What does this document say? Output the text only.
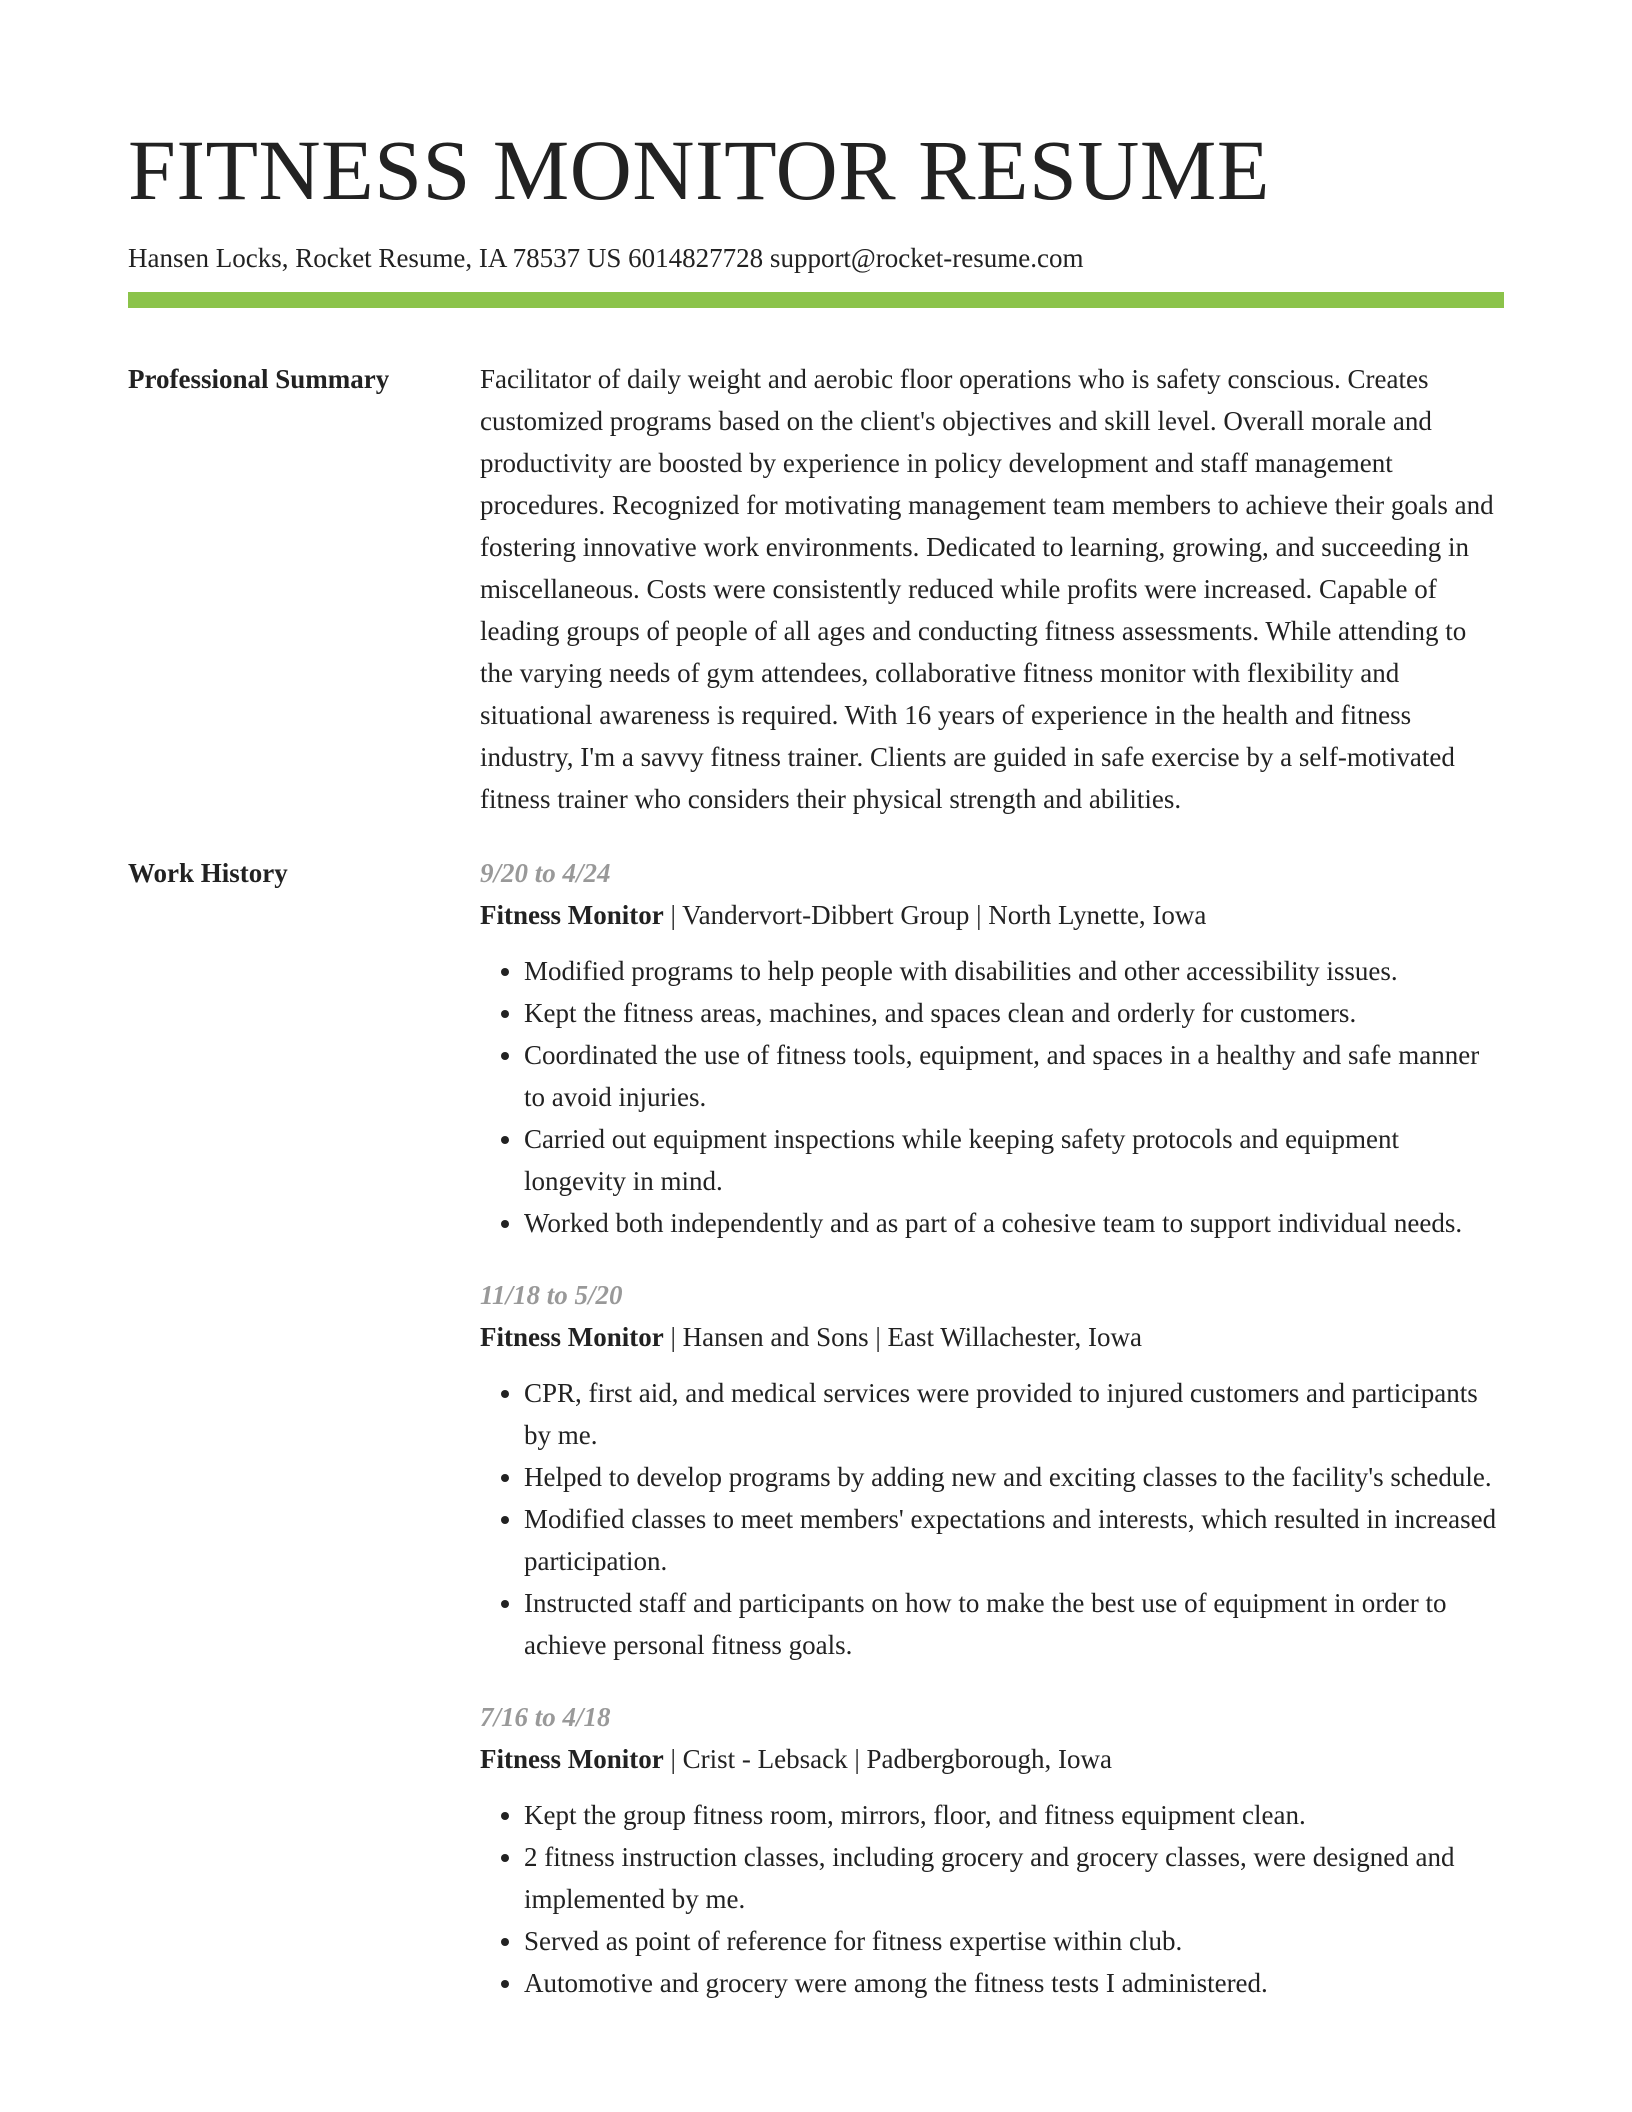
FITNESS MONITOR RESUME
Hansen Locks, Rocket Resume, IA 78537 US 6014827728 support@rocket-resume.com
Professional Summary	Facilitator of daily weight and aerobic floor operations who is safety conscious. Creates customized programs based on the client's objectives and skill level. Overall morale and productivity are boosted by experience in policy development and staff management procedures. Recognized for motivating management team members to achieve their goals and fostering innovative work environments. Dedicated to learning, growing, and succeeding in miscellaneous. Costs were consistently reduced while profits were increased. Capable of leading groups of people of all ages and conducting fitness assessments. While attending to the varying needs of gym attendees, collaborative fitness monitor with flexibility and situational awareness is required. With 16 years of experience in the health and fitness industry, I'm a savvy fitness trainer. Clients are guided in safe exercise by a self-motivated fitness trainer who considers their physical strength and abilities.

Work History	9/20 to 4/24
Fitness Monitor | Vandervort-Dibbert Group | North Lynette, Iowa
• Modified programs to help people with disabilities and other accessibility issues.
• Kept the fitness areas, machines, and spaces clean and orderly for customers.
• Coordinated the use of fitness tools, equipment, and spaces in a healthy and safe manner to avoid injuries.
• Carried out equipment inspections while keeping safety protocols and equipment longevity in mind.
• Worked both independently and as part of a cohesive team to support individual needs.
11/18 to 5/20
Fitness Monitor | Hansen and Sons | East Willachester, Iowa
• CPR, first aid, and medical services were provided to injured customers and participants by me.
• Helped to develop programs by adding new and exciting classes to the facility's schedule.
• Modified classes to meet members' expectations and interests, which resulted in increased participation.
• Instructed staff and participants on how to make the best use of equipment in order to achieve personal fitness goals.
7/16 to 4/18
Fitness Monitor | Crist - Lebsack | Padbergborough, Iowa
• Kept the group fitness room, mirrors, floor, and fitness equipment clean.
• 2 fitness instruction classes, including grocery and grocery classes, were designed and implemented by me.
• Served as point of reference for fitness expertise within club.
• Automotive and grocery were among the fitness tests I administered.
